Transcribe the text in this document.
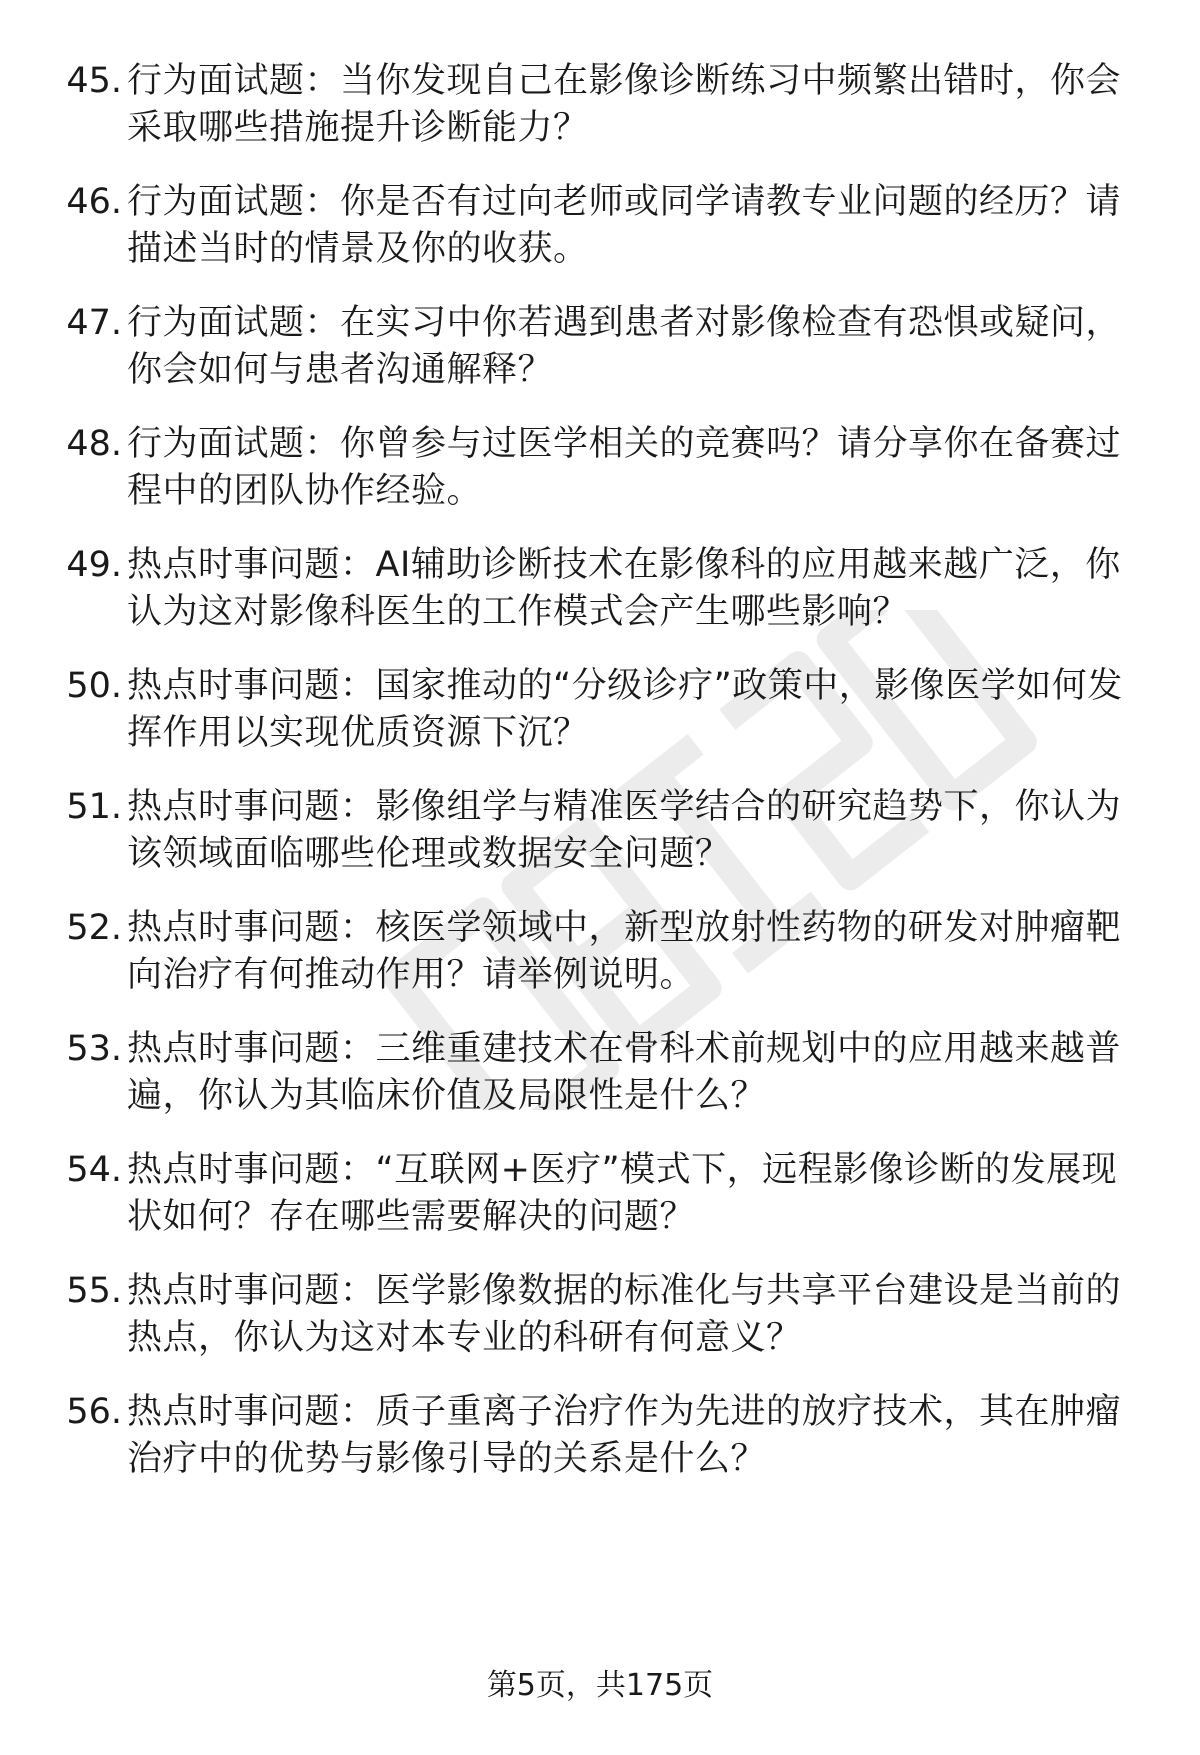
45. 行为面试题：当你发现自己在影像诊断练习中频繁出错时，你会采取哪些措施提升诊断能力？
46. 行为面试题：你是否有过向老师或同学请教专业问题的经历？请描述当时的情景及你的收获。
47. 行为面试题：在实习中你若遇到患者对影像检查有恐惧或疑问，你会如何与患者沟通解释？
48. 行为面试题：你曾参与过医学相关的竞赛吗？请分享你在备赛过程中的团队协作经验。
49. 热点时事问题：AI辅助诊断技术在影像科的应用越来越广泛，你认为这对影像科医生的工作模式会产生哪些影响？
50. 热点时事问题：国家推动的“分级诊疗”政策中，影像医学如何发挥作用以实现优质资源下沉？
51. 热点时事问题：影像组学与精准医学结合的研究趋势下，你认为该领域面临哪些伦理或数据安全问题？
52. 热点时事问题：核医学领域中，新型放射性药物的研发对肿瘤靶向治疗有何推动作用？请举例说明。
53. 热点时事问题：三维重建技术在骨科术前规划中的应用越来越普遍，你认为其临床价值及局限性是什么？
54. 热点时事问题：“互联网+医疗”模式下，远程影像诊断的发展现状如何？存在哪些需要解决的问题？
55. 热点时事问题：医学影像数据的标准化与共享平台建设是当前的热点，你认为这对本专业的科研有何意义？
56. 热点时事问题：质子重离子治疗作为先进的放疗技术，其在肿瘤治疗中的优势与影像引导的关系是什么？
第5页，共175页
